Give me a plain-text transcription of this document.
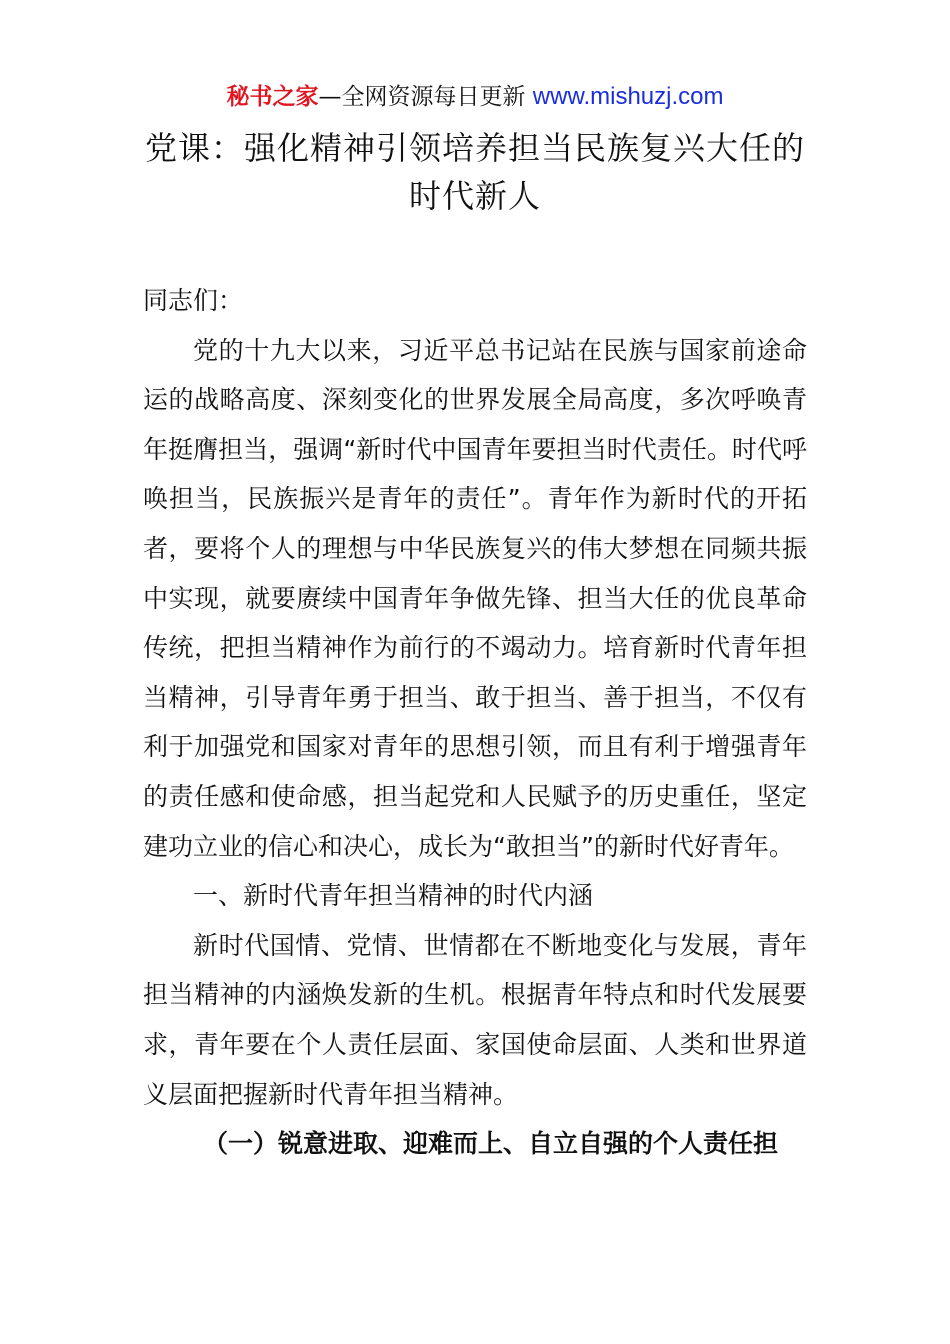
秘书之家—全网资源每日更新 www.mishuzj.com
党课：强化精神引领培养担当民族复兴大任的时代新人

同志们：

党的十九大以来，习近平总书记站在民族与国家前途命运的战略高度、深刻变化的世界发展全局高度，多次呼唤青年挺膺担当，强调“新时代中国青年要担当时代责任。时代呼唤担当，民族振兴是青年的责任”。青年作为新时代的开拓者，要将个人的理想与中华民族复兴的伟大梦想在同频共振中实现，就要赓续中国青年争做先锋、担当大任的优良革命传统，把担当精神作为前行的不竭动力。培育新时代青年担当精神，引导青年勇于担当、敢于担当、善于担当，不仅有利于加强党和国家对青年的思想引领，而且有利于增强青年的责任感和使命感，担当起党和人民赋予的历史重任，坚定建功立业的信心和决心，成长为“敢担当”的新时代好青年。

一、新时代青年担当精神的时代内涵

新时代国情、党情、世情都在不断地变化与发展，青年担当精神的内涵焕发新的生机。根据青年特点和时代发展要求，青年要在个人责任层面、家国使命层面、人类和世界道义层面把握新时代青年担当精神。

（一）锐意进取、迎难而上、自立自强的个人责任担
